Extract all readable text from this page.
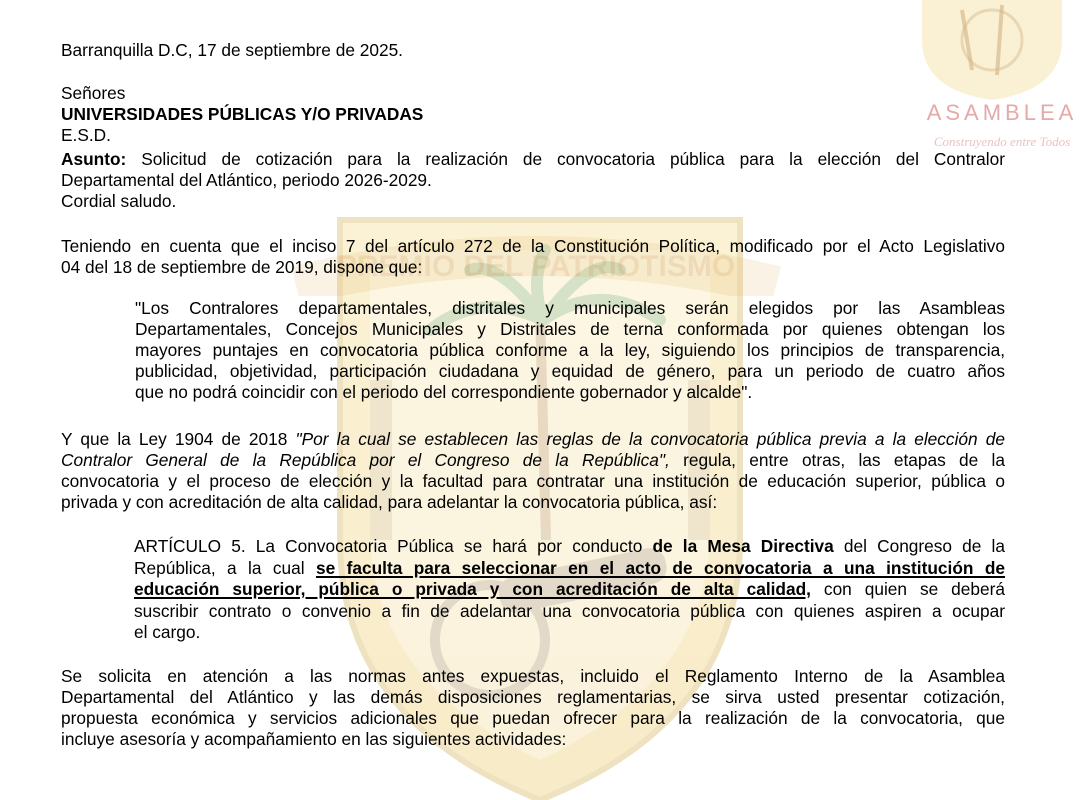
PREMIO DEL PATRIOTISMO
ASAMBLEA
Construyendo entre Todos
Barranquilla D.C, 17 de septiembre de 2025.
Señores
UNIVERSIDADES PÚBLICAS Y/O PRIVADAS
E.S.D.
Asunto: Solicitud de cotización para la realización de convocatoria pública para la elección del Contralor
Departamental del Atlántico, periodo 2026-2029.
Cordial saludo.
Teniendo en cuenta que el inciso 7 del artículo 272 de la Constitución Política, modificado por el Acto Legislativo
04 del 18 de septiembre de 2019, dispone que:
"Los Contralores departamentales, distritales y municipales serán elegidos por las Asambleas
Departamentales, Concejos Municipales y Distritales de terna conformada por quienes obtengan los
mayores puntajes en convocatoria pública conforme a la ley, siguiendo los principios de transparencia,
publicidad, objetividad, participación ciudadana y equidad de género, para un periodo de cuatro años
que no podrá coincidir con el periodo del correspondiente gobernador y alcalde".
Y que la Ley 1904 de 2018 "Por la cual se establecen las reglas de la convocatoria pública previa a la elección de
Contralor General de la República por el Congreso de la República", regula, entre otras, las etapas de la
convocatoria y el proceso de elección y la facultad para contratar una institución de educación superior, pública o
privada y con acreditación de alta calidad, para adelantar la convocatoria pública, así:
ARTÍCULO 5. La Convocatoria Pública se hará por conducto de la Mesa Directiva del Congreso de la
República, a la cual se faculta para seleccionar en el acto de convocatoria a una institución de
educación superior, pública o privada y con acreditación de alta calidad, con quien se deberá
suscribir contrato o convenio a fin de adelantar una convocatoria pública con quienes aspiren a ocupar
el cargo.
Se solicita en atención a las normas antes expuestas, incluido el Reglamento Interno de la Asamblea
Departamental del Atlántico y las demás disposiciones reglamentarias, se sirva usted presentar cotización,
propuesta económica y servicios adicionales que puedan ofrecer para la realización de la convocatoria, que
incluye asesoría y acompañamiento en las siguientes actividades:
